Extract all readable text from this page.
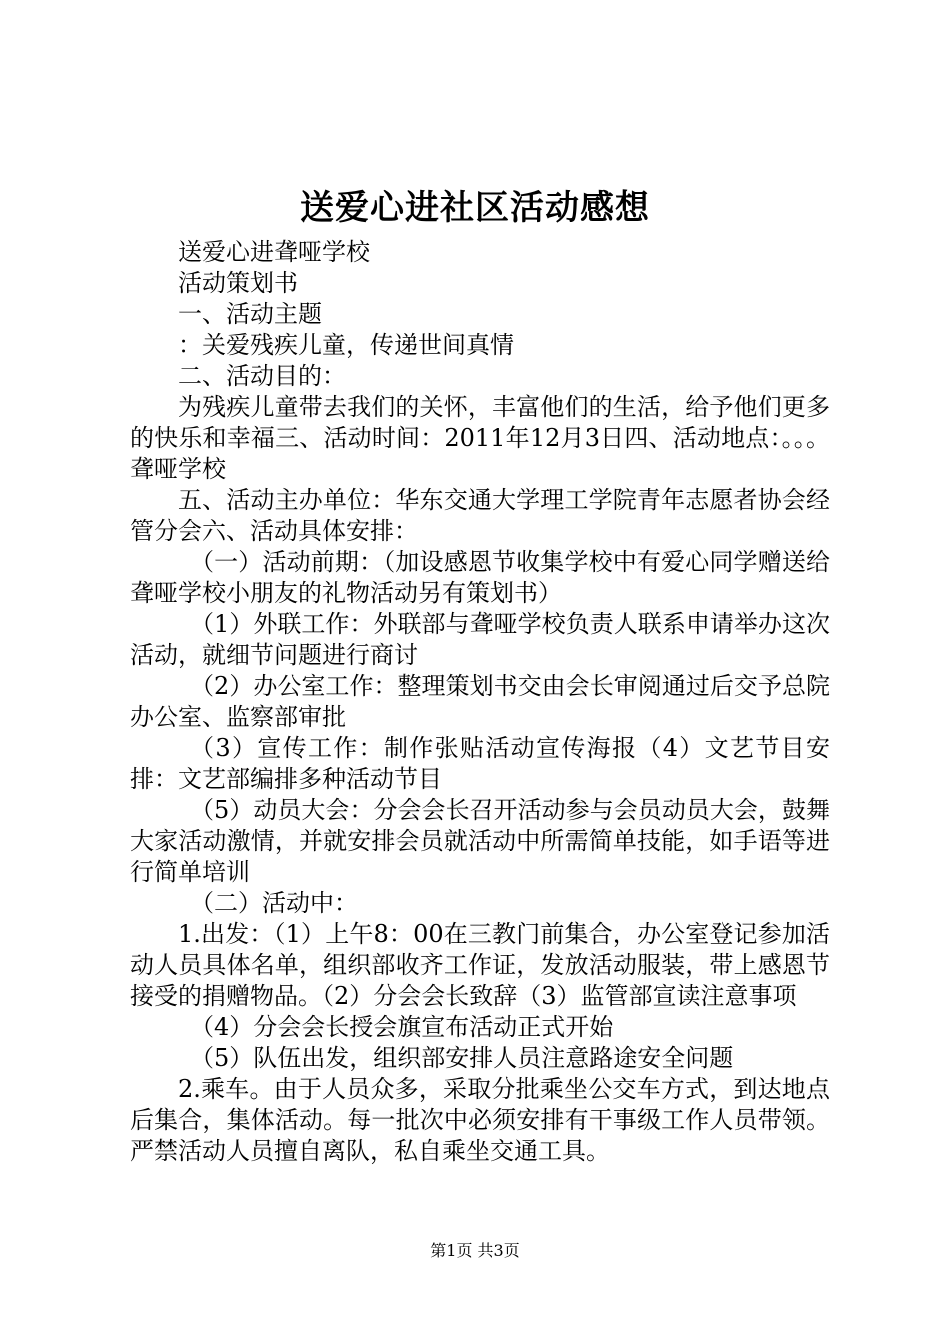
送爱心进社区活动感想

送爱心进聋哑学校

活动策划书

一、活动主题

：关爱残疾儿童，传递世间真情

二、活动目的：

为残疾儿童带去我们的关怀，丰富他们的生活，给予他们更多的快乐和幸福三、活动时间：2011年12月3日四、活动地点：。。。聋哑学校

五、活动主办单位：华东交通大学理工学院青年志愿者协会经管分会六、活动具体安排：

（一）活动前期：（加设感恩节收集学校中有爱心同学赠送给聋哑学校小朋友的礼物活动另有策划书）

（1）外联工作：外联部与聋哑学校负责人联系申请举办这次活动，就细节问题进行商讨

（2）办公室工作：整理策划书交由会长审阅通过后交予总院办公室、监察部审批

（3）宣传工作：制作张贴活动宣传海报（4）文艺节目安排：文艺部编排多种活动节目

（5）动员大会：分会会长召开活动参与会员动员大会，鼓舞大家活动激情，并就安排会员就活动中所需简单技能，如手语等进行简单培训

（二）活动中：

1.出发：（1）上午8：00在三教门前集合，办公室登记参加活动人员具体名单，组织部收齐工作证，发放活动服装，带上感恩节接受的捐赠物品。（2）分会会长致辞（3）监管部宣读注意事项

（4）分会会长授会旗宣布活动正式开始

（5）队伍出发，组织部安排人员注意路途安全问题

2.乘车。由于人员众多，采取分批乘坐公交车方式，到达地点后集合，集体活动。每一批次中必须安排有干事级工作人员带领。严禁活动人员擅自离队，私自乘坐交通工具。

第1页 共3页
